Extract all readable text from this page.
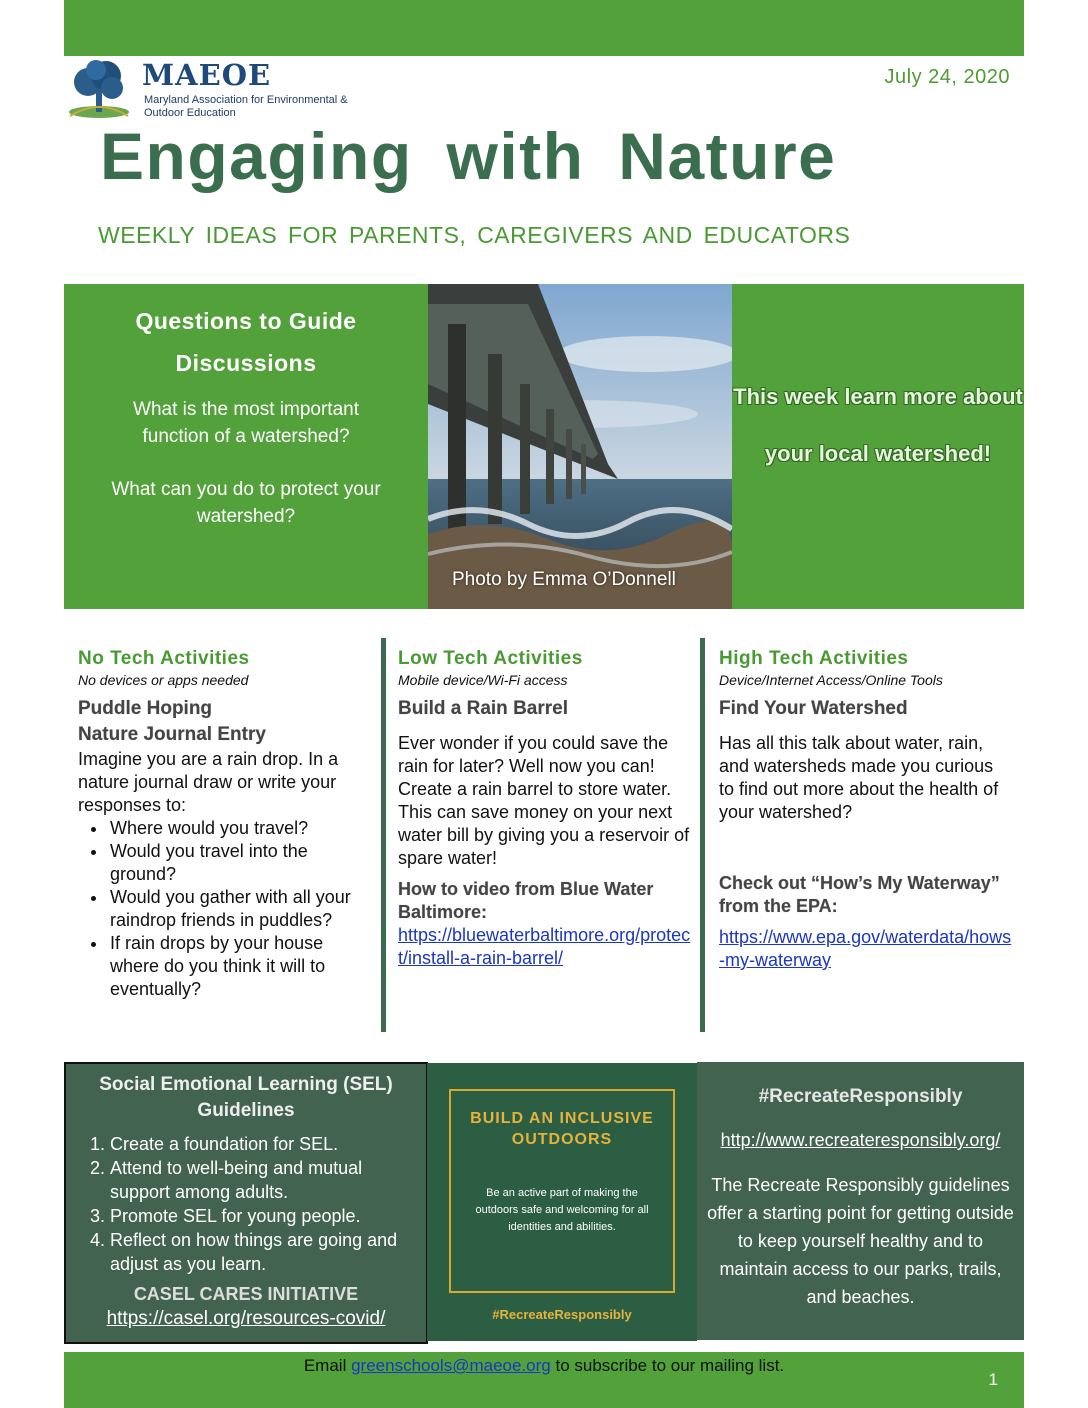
MAEOE
Maryland Association for Environmental & Outdoor Education
July 24, 2020
Engaging with Nature
WEEKLY IDEAS FOR PARENTS, CAREGIVERS AND EDUCATORS
Questions to Guide Discussions

What is the most important function of a watershed?

What can you do to protect your watershed?

Photo by Emma O’Donnell
This week learn more about your local watershed!
No Tech Activities
No devices or apps needed
Puddle Hoping
Nature Journal Entry
Imagine you are a rain drop. In a nature journal draw or write your responses to:
• Where would you travel?
• Would you travel into the ground?
• Would you gather with all your raindrop friends in puddles?
• If rain drops by your house where do you think it will to eventually?
Low Tech Activities
Mobile device/Wi-Fi access
Build a Rain Barrel
Ever wonder if you could save the rain for later? Well now you can! Create a rain barrel to store water. This can save money on your next water bill by giving you a reservoir of spare water!
How to video from Blue Water Baltimore:
https://bluewaterbaltimore.org/protect/install-a-rain-barrel/
High Tech Activities
Device/Internet Access/Online Tools
Find Your Watershed
Has all this talk about water, rain, and watersheds made you curious to find out more about the health of your watershed?
Check out “How’s My Waterway” from the EPA:
https://www.epa.gov/waterdata/hows-my-waterway
Social Emotional Learning (SEL) Guidelines
1. Create a foundation for SEL.
2. Attend to well-being and mutual support among adults.
3. Promote SEL for young people.
4. Reflect on how things are going and adjust as you learn.
CASEL CARES INITIATIVE
https://casel.org/resources-covid/
BUILD AN INCLUSIVE OUTDOORS
Be an active part of making the outdoors safe and welcoming for all identities and abilities.
#RecreateResponsibly
#RecreateResponsibly
http://www.recreateresponsibly.org/

The Recreate Responsibly guidelines offer a starting point for getting outside to keep yourself healthy and to maintain access to our parks, trails, and beaches.

Email greenschools@maeoe.org to subscribe to our mailing list.
1
